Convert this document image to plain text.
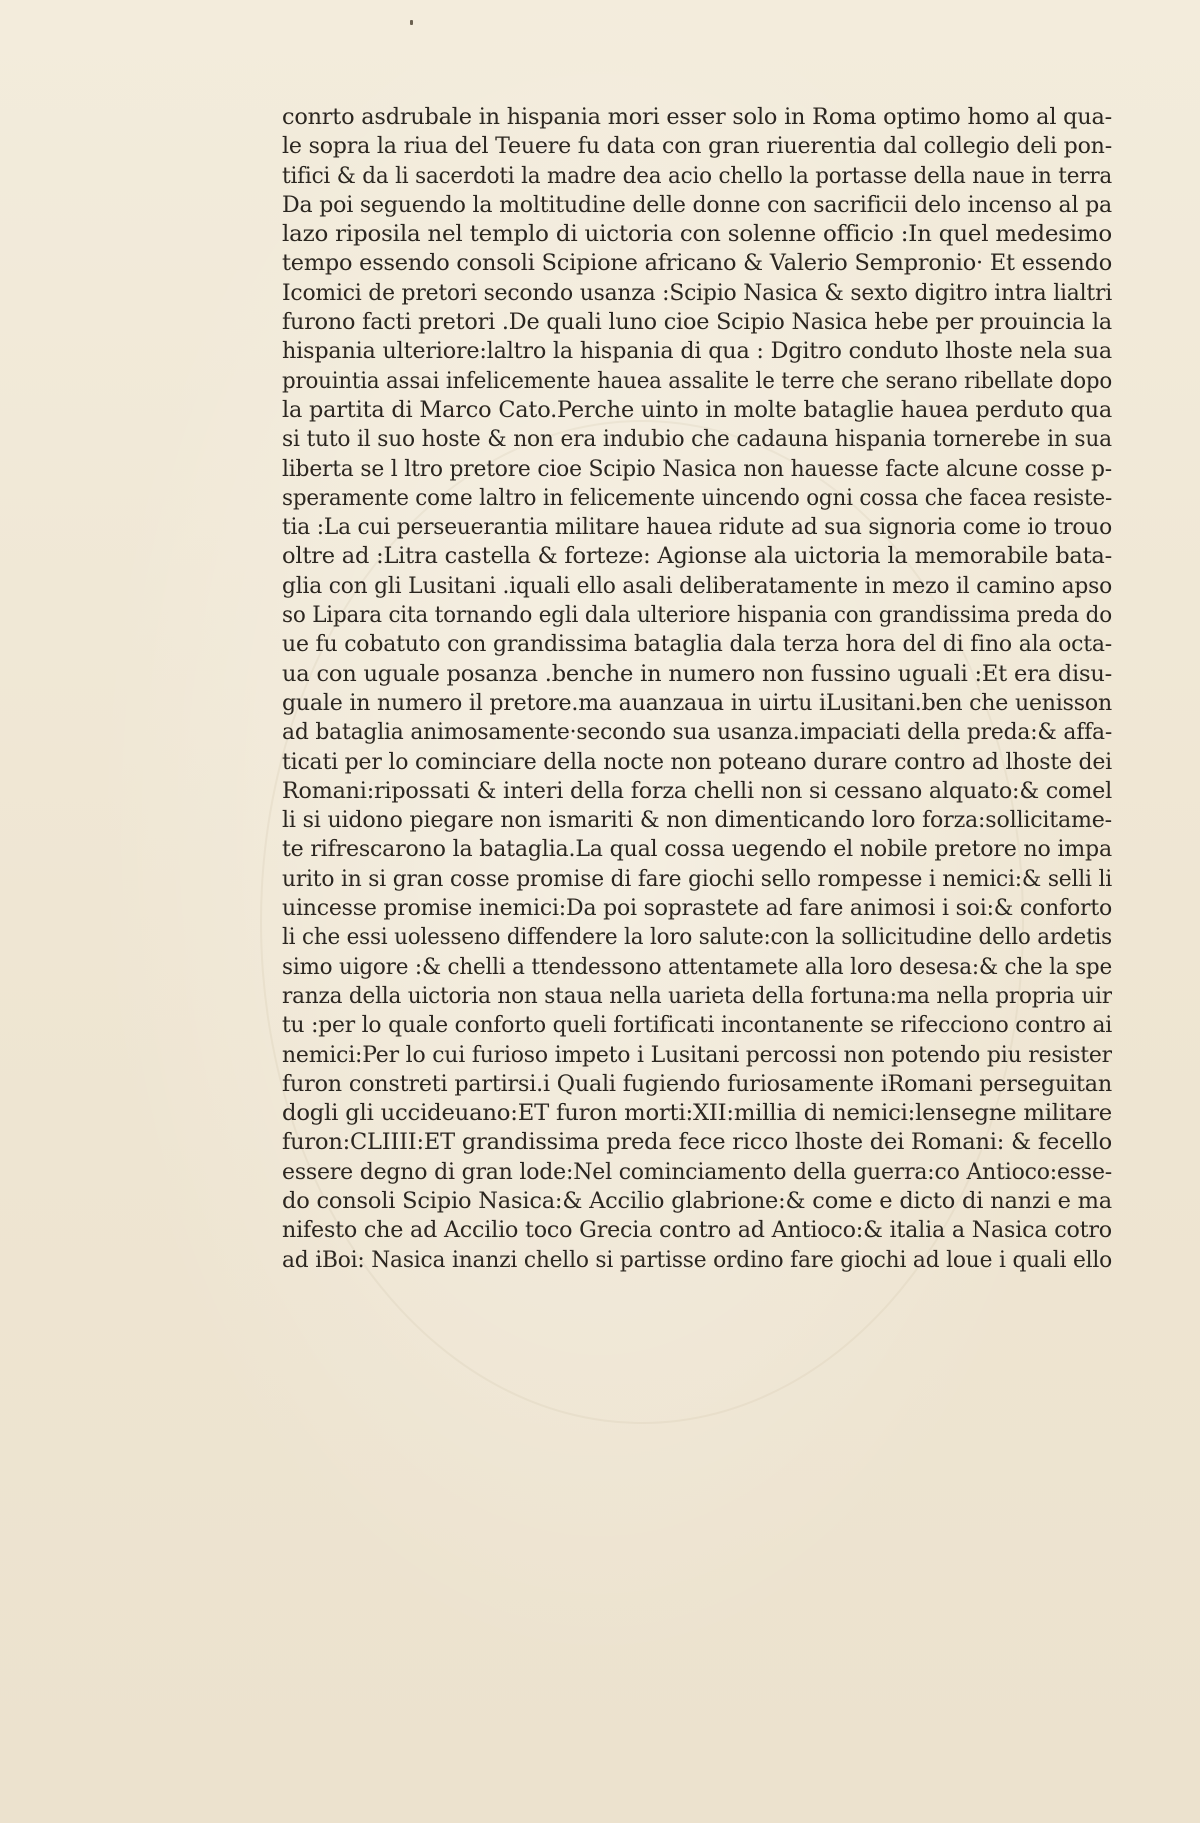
conrto asdrubale in hispania mori esser solo in Roma optimo homo al qua-
le sopra la riua del Teuere fu data con gran riuerentia dal collegio deli pon-
tifici & da li sacerdoti la madre dea acio chello la portasse della naue in terra
Da poi seguendo la moltitudine delle donne con sacrificii delo incenso al pa
lazo riposila nel templo di uictoria con solenne officio :In quel medesimo
tempo essendo consoli Scipione africano & Valerio Sempronio· Et essendo
Icomici de pretori secondo usanza :Scipio Nasica & sexto digitro intra lialtri
furono facti pretori .De quali luno cioe Scipio Nasica hebe per prouincia la
hispania ulteriore:laltro la hispania di qua : Dgitro conduto lhoste nela sua
prouintia assai infelicemente hauea assalite le terre che serano ribellate dopo
la partita di Marco Cato.Perche uinto in molte bataglie hauea perduto qua
si tuto il suo hoste & non era indubio che cadauna hispania tornerebe in sua
liberta se l ltro pretore cioe Scipio Nasica non hauesse facte alcune cosse p-
speramente come laltro in felicemente uincendo ogni cossa che facea resiste-
tia :La cui perseuerantia militare hauea ridute ad sua signoria come io trouo
oltre ad :Litra castella & forteze: Agionse ala uictoria la memorabile bata-
glia con gli Lusitani .iquali ello asali deliberatamente in mezo il camino apso
so Lipara cita tornando egli dala ulteriore hispania con grandissima preda do
ue fu cobatuto con grandissima bataglia dala terza hora del di fino ala octa-
ua con uguale posanza .benche in numero non fussino uguali :Et era disu-
guale in numero il pretore.ma auanzaua in uirtu iLusitani.ben che uenisson
ad bataglia animosamente·secondo sua usanza.impaciati della preda:& affa-
ticati per lo cominciare della nocte non poteano durare contro ad lhoste dei
Romani:ripossati & interi della forza chelli non si cessano alquato:& comel
li si uidono piegare non ismariti & non dimenticando loro forza:sollicitame-
te rifrescarono la bataglia.La qual cossa uegendo el nobile pretore no impa
urito in si gran cosse promise di fare giochi sello rompesse i nemici:& selli li
uincesse promise inemici:Da poi soprastete ad fare animosi i soi:& conforto
li che essi uolesseno diffendere la loro salute:con la sollicitudine dello ardetis
simo uigore :& chelli a ttendessono attentamete alla loro desesa:& che la spe
ranza della uictoria non staua nella uarieta della fortuna:ma nella propria uir
tu :per lo quale conforto queli fortificati incontanente se rifecciono contro ai
nemici:Per lo cui furioso impeto i Lusitani percossi non potendo piu resister
furon constreti partirsi.i Quali fugiendo furiosamente iRomani perseguitan
dogli gli uccideuano:ET furon morti:XII:millia di nemici:lensegne militare
furon:CLIIII:ET grandissima preda fece ricco lhoste dei Romani: & fecello
essere degno di gran lode:Nel cominciamento della guerra:co Antioco:esse-
do consoli Scipio Nasica:& Accilio glabrione:& come e dicto di nanzi e ma
nifesto che ad Accilio toco Grecia contro ad Antioco:& italia a Nasica cotro
ad iBoi: Nasica inanzi chello si partisse ordino fare giochi ad loue i quali ello
